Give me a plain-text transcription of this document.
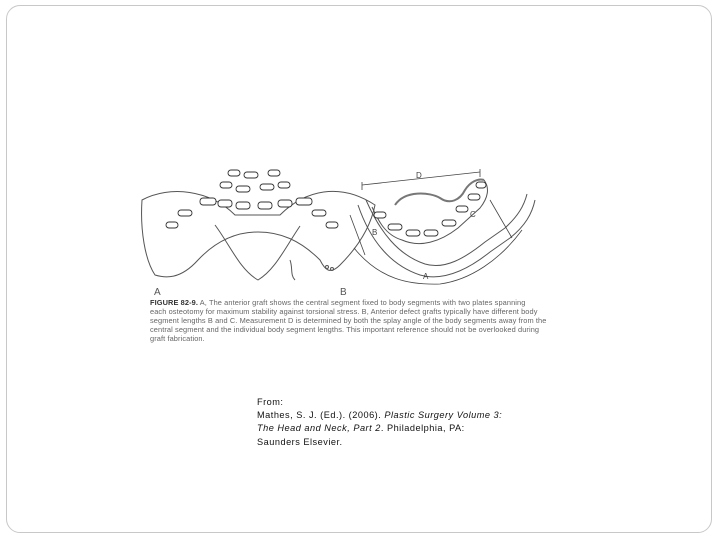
A	B
A
B
C
D
FIGURE 82-9. A, The anterior graft shows the central segment fixed to body segments with two plates spanning
each osteotomy for maximum stability against torsional stress. B, Anterior defect grafts typically have different body
segment lengths B and C. Measurement D is determined by both the splay angle of the body segments away from the
central segment and the individual body segment lengths. This important reference should not be overlooked during
graft fabrication.
From:
Mathes, S. J. (Ed.). (2006). Plastic Surgery Volume 3:
The Head and Neck, Part 2. Philadelphia, PA:
Saunders Elsevier.
